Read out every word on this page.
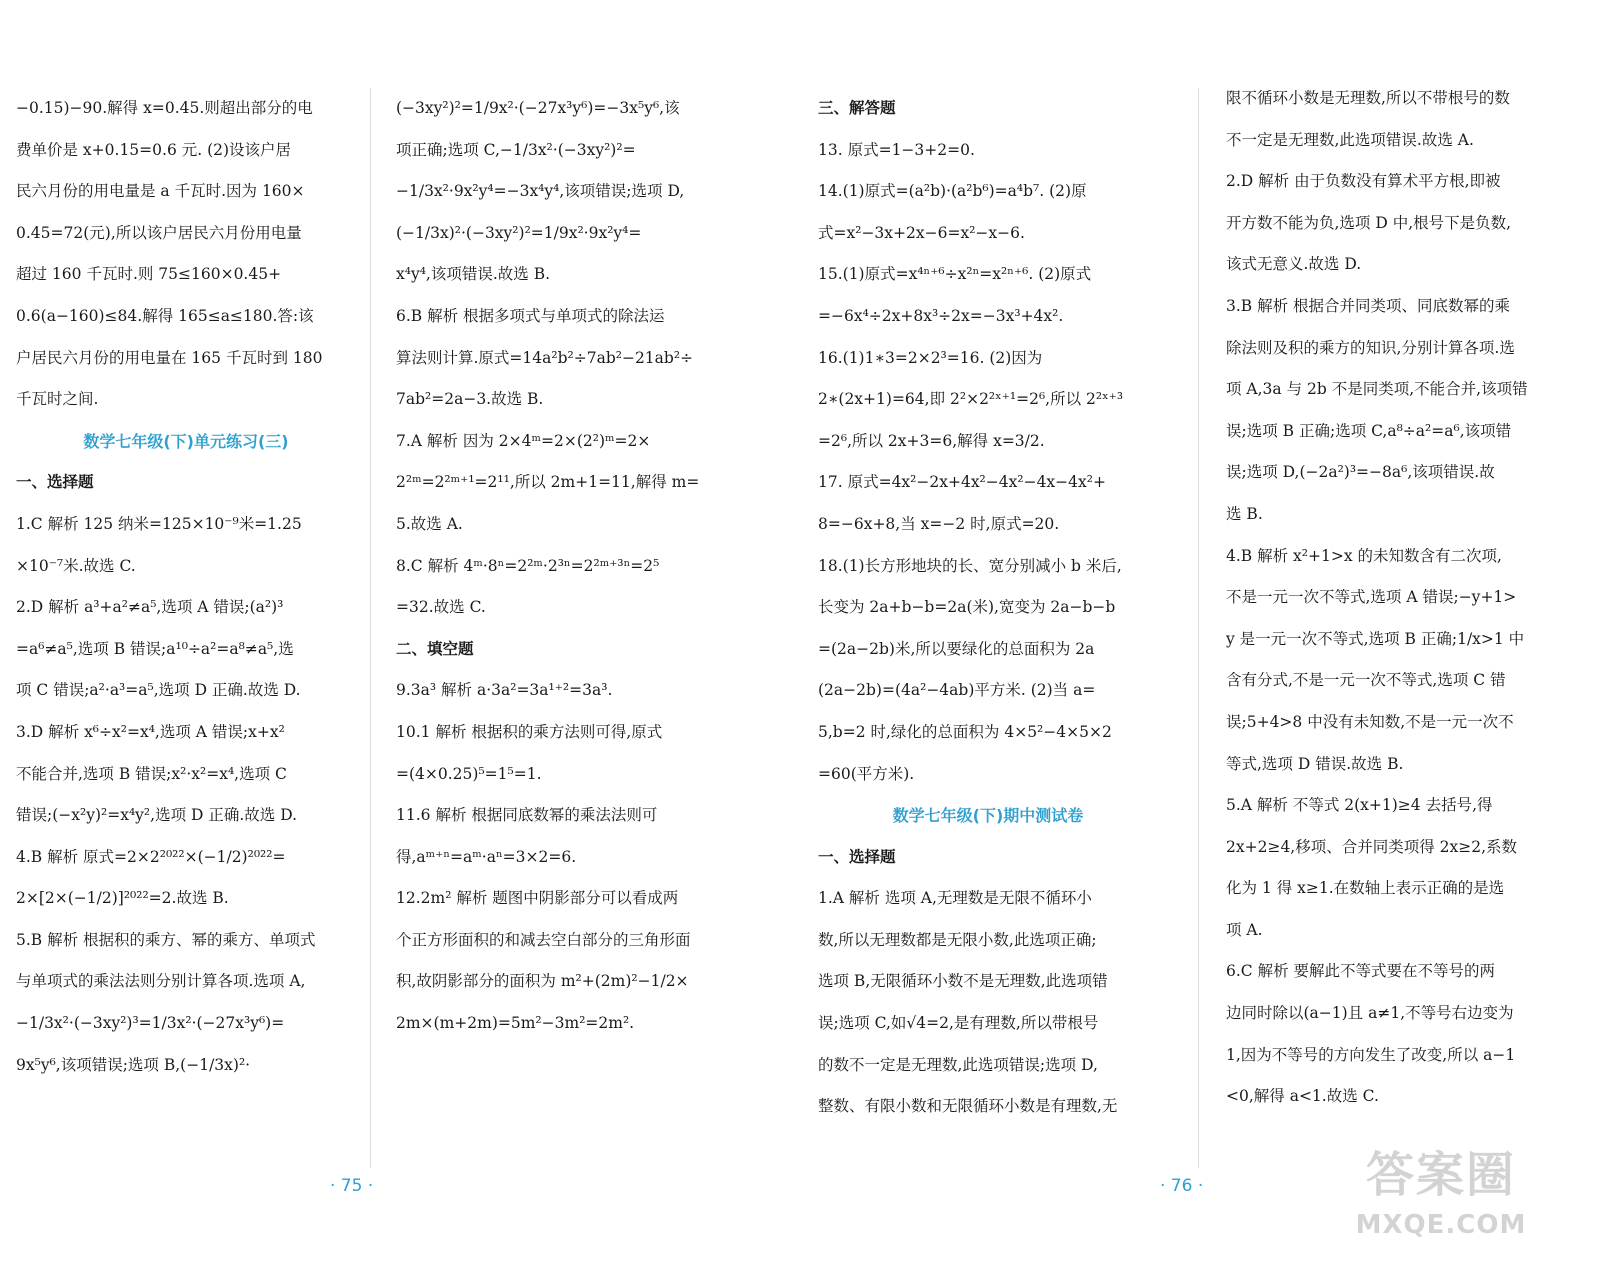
−0.15)−90.解得 x=0.45.则超出部分的电
费单价是 x+0.15=0.6 元. (2)设该户居
民六月份的用电量是 a 千瓦时.因为 160×
0.45=72(元),所以该户居民六月份用电量
超过 160 千瓦时.则 75≤160×0.45+
0.6(a−160)≤84.解得 165≤a≤180.答:该
户居民六月份的用电量在 165 千瓦时到 180
千瓦时之间.
数学七年级(下)单元练习(三)
一、选择题
1.C 解析 125 纳米=125×10⁻⁹米=1.25
×10⁻⁷米.故选 C.
2.D 解析 a³+a²≠a⁵,选项 A 错误;(a²)³
=a⁶≠a⁵,选项 B 错误;a¹⁰÷a²=a⁸≠a⁵,选
项 C 错误;a²·a³=a⁵,选项 D 正确.故选 D.
3.D 解析 x⁶÷x²=x⁴,选项 A 错误;x+x²
不能合并,选项 B 错误;x²·x²=x⁴,选项 C
错误;(−x²y)²=x⁴y²,选项 D 正确.故选 D.
4.B 解析 原式=2×2²⁰²²×(−1/2)²⁰²²=
2×[2×(−1/2)]²⁰²²=2.故选 B.
5.B 解析 根据积的乘方、幂的乘方、单项式
与单项式的乘法法则分别计算各项.选项 A,
−1/3x²·(−3xy²)³=1/3x²·(−27x³y⁶)=
9x⁵y⁶,该项错误;选项 B,(−1/3x)²·
(−3xy²)²=1/9x²·(−27x³y⁶)=−3x⁵y⁶,该
项正确;选项 C,−1/3x²·(−3xy²)²=
−1/3x²·9x²y⁴=−3x⁴y⁴,该项错误;选项 D,
(−1/3x)²·(−3xy²)²=1/9x²·9x²y⁴=
x⁴y⁴,该项错误.故选 B.
6.B 解析 根据多项式与单项式的除法运
算法则计算.原式=14a²b²÷7ab²−21ab²÷
7ab²=2a−3.故选 B.
7.A 解析 因为 2×4ᵐ=2×(2²)ᵐ=2×
2²ᵐ=2²ᵐ⁺¹=2¹¹,所以 2m+1=11,解得 m=
5.故选 A.
8.C 解析 4ᵐ·8ⁿ=2²ᵐ·2³ⁿ=2²ᵐ⁺³ⁿ=2⁵
=32.故选 C.
二、填空题
9.3a³ 解析 a·3a²=3a¹⁺²=3a³.
10.1 解析 根据积的乘方法则可得,原式
=(4×0.25)⁵=1⁵=1.
11.6 解析 根据同底数幂的乘法法则可
得,aᵐ⁺ⁿ=aᵐ·aⁿ=3×2=6.
12.2m² 解析 题图中阴影部分可以看成两
个正方形面积的和减去空白部分的三角形面
积,故阴影部分的面积为 m²+(2m)²−1/2×
2m×(m+2m)=5m²−3m²=2m².
三、解答题
13. 原式=1−3+2=0.
14.(1)原式=(a²b)·(a²b⁶)=a⁴b⁷. (2)原
式=x²−3x+2x−6=x²−x−6.
15.(1)原式=x⁴ⁿ⁺⁶÷x²ⁿ=x²ⁿ⁺⁶. (2)原式
=−6x⁴÷2x+8x³÷2x=−3x³+4x².
16.(1)1∗3=2×2³=16. (2)因为
2∗(2x+1)=64,即 2²×2²ˣ⁺¹=2⁶,所以 2²ˣ⁺³
=2⁶,所以 2x+3=6,解得 x=3/2.
17. 原式=4x²−2x+4x²−4x²−4x−4x²+
8=−6x+8,当 x=−2 时,原式=20.
18.(1)长方形地块的长、宽分别减小 b 米后,
长变为 2a+b−b=2a(米),宽变为 2a−b−b
=(2a−2b)米,所以要绿化的总面积为 2a
(2a−2b)=(4a²−4ab)平方米. (2)当 a=
5,b=2 时,绿化的总面积为 4×5²−4×5×2
=60(平方米).
数学七年级(下)期中测试卷
一、选择题
1.A 解析 选项 A,无理数是无限不循环小
数,所以无理数都是无限小数,此选项正确;
选项 B,无限循环小数不是无理数,此选项错
误;选项 C,如√4=2,是有理数,所以带根号
的数不一定是无理数,此选项错误;选项 D,
整数、有限小数和无限循环小数是有理数,无
限不循环小数是无理数,所以不带根号的数
不一定是无理数,此选项错误.故选 A.
2.D 解析 由于负数没有算术平方根,即被
开方数不能为负,选项 D 中,根号下是负数,
该式无意义.故选 D.
3.B 解析 根据合并同类项、同底数幂的乘
除法则及积的乘方的知识,分别计算各项.选
项 A,3a 与 2b 不是同类项,不能合并,该项错
误;选项 B 正确;选项 C,a⁸÷a²=a⁶,该项错
误;选项 D,(−2a²)³=−8a⁶,该项错误.故
选 B.
4.B 解析 x²+1>x 的未知数含有二次项,
不是一元一次不等式,选项 A 错误;−y+1>
y 是一元一次不等式,选项 B 正确;1/x>1 中
含有分式,不是一元一次不等式,选项 C 错
误;5+4>8 中没有未知数,不是一元一次不
等式,选项 D 错误.故选 B.
5.A 解析 不等式 2(x+1)≥4 去括号,得
2x+2≥4,移项、合并同类项得 2x≥2,系数
化为 1 得 x≥1.在数轴上表示正确的是选
项 A.
6.C 解析 要解此不等式要在不等号的两
边同时除以(a−1)且 a≠1,不等号右边变为
1,因为不等号的方向发生了改变,所以 a−1
<0,解得 a<1.故选 C.
· 75 ·	· 76 ·	答案圈
MXQE.COM
